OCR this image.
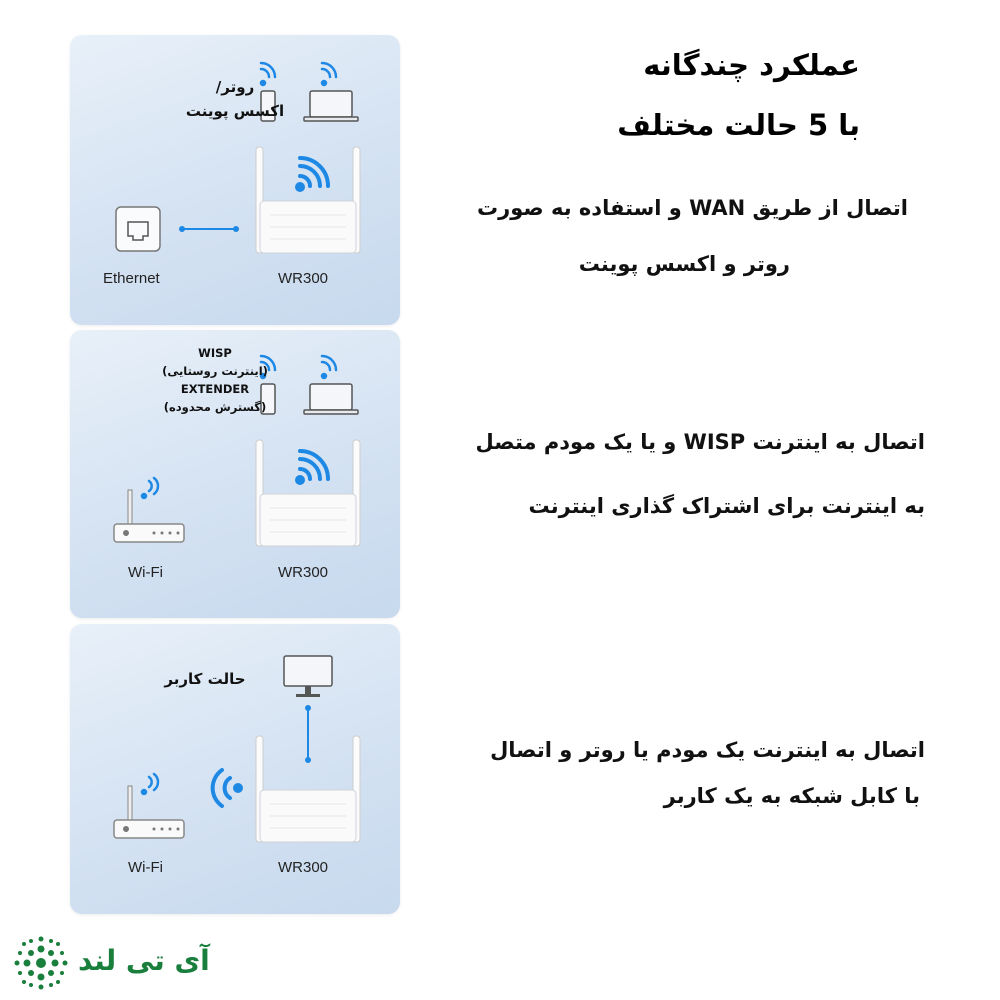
عملکرد چندگانه
با 5 حالت مختلف
روتر/
اکسس پوینت
Ethernet	WR300
WISP
(اینترنت روستایی)
EXTENDER
(گسترش محدوده)
Wi-Fi	WR300
حالت کاربر
Wi-Fi	WR300
اتصال از طریق WAN و استفاده به صورت
روتر و اکسس پوینت
اتصال به اینترنت WISP و یا یک مودم متصل
به اینترنت برای اشتراک گذاری اینترنت
اتصال به اینترنت یک مودم یا روتر و اتصال
با کابل شبکه به یک کاربر
آی تی لند
